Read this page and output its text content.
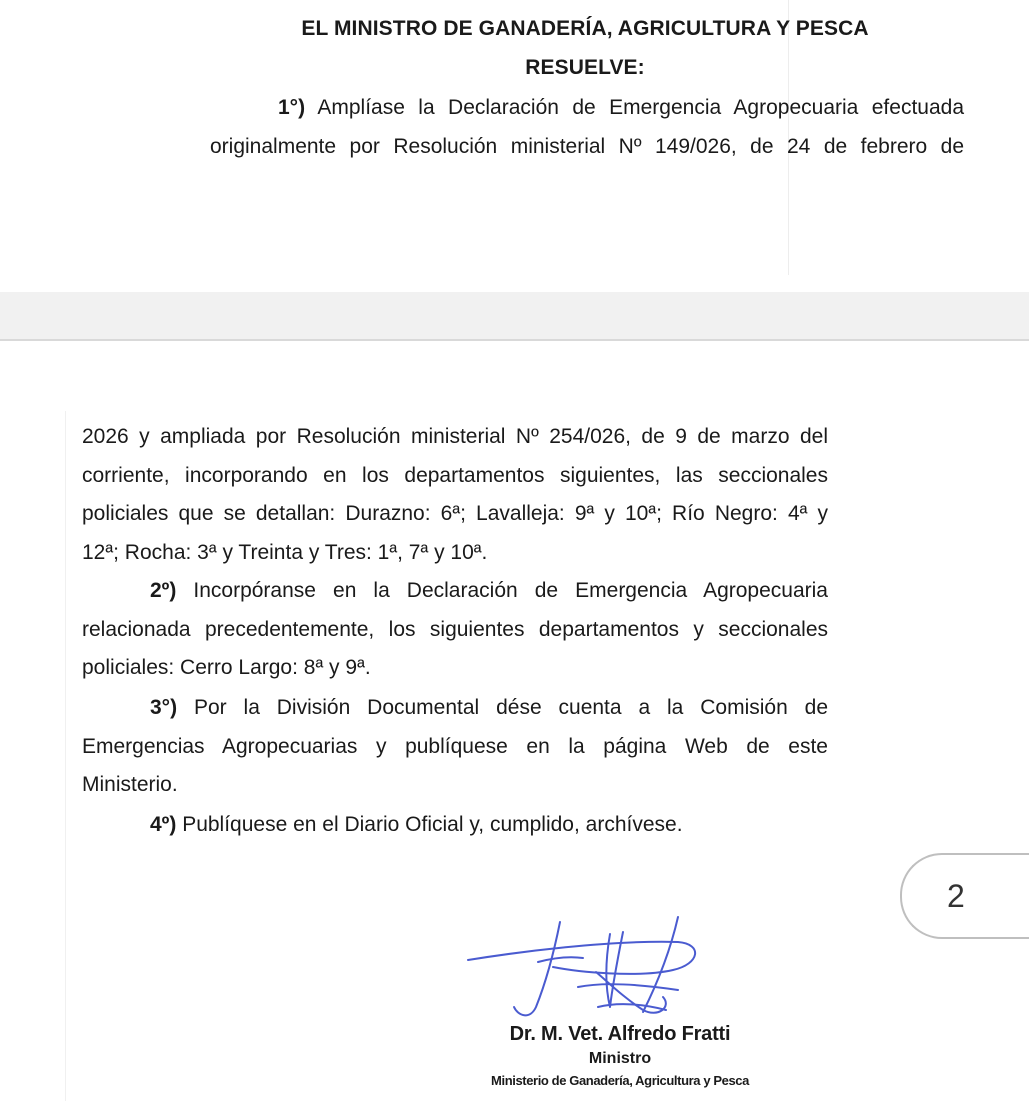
EL MINISTRO DE GANADERÍA, AGRICULTURA Y PESCA
RESUELVE:
1°) Amplíase la Declaración de Emergencia Agropecuaria efectuada
originalmente por Resolución ministerial Nº 149/026, de 24 de febrero de
2026 y ampliada por Resolución ministerial Nº 254/026, de 9 de marzo del
corriente, incorporando en los departamentos siguientes, las seccionales
policiales que se detallan: Durazno: 6ª; Lavalleja: 9ª y 10ª; Río Negro: 4ª y
12ª; Rocha: 3ª y Treinta y Tres: 1ª, 7ª y 10ª.
2º) Incorpóranse en la Declaración de Emergencia Agropecuaria
relacionada precedentemente, los siguientes departamentos y seccionales
policiales: Cerro Largo: 8ª y 9ª.
3°) Por la División Documental dése cuenta a la Comisión de
Emergencias Agropecuarias y publíquese en la página Web de este
Ministerio.
4º) Publíquese en el Diario Oficial y, cumplido, archívese.
2
Dr. M. Vet. Alfredo Fratti
Ministro
Ministerio de Ganadería, Agricultura y Pesca
